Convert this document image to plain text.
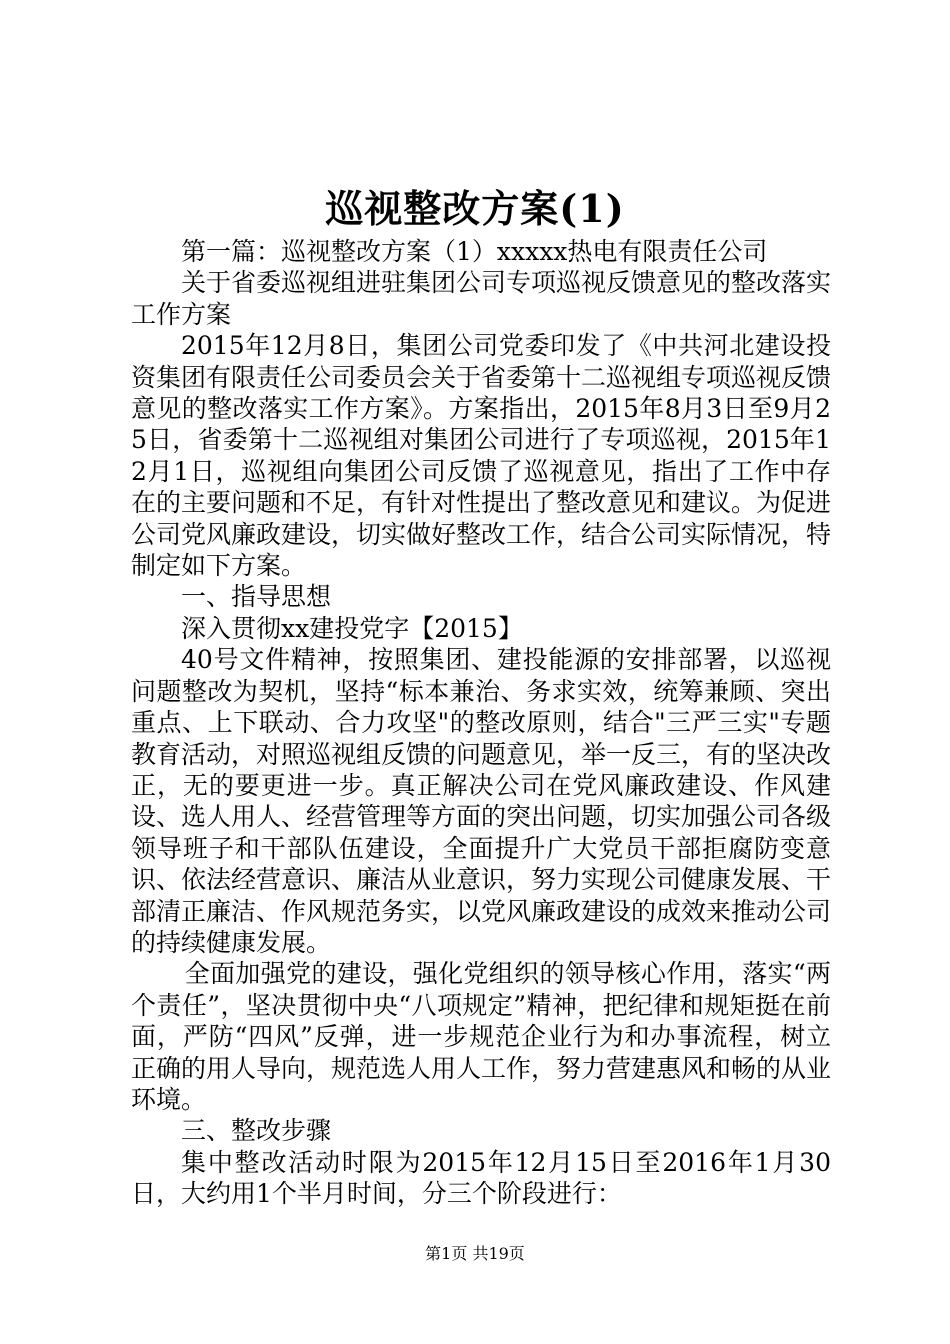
巡视整改方案(1)

第一篇：巡视整改方案（1）xxxxx热电有限责任公司

关于省委巡视组进驻集团公司专项巡视反馈意见的整改落实工作方案

2015年12月8日，集团公司党委印发了《中共河北建设投资集团有限责任公司委员会关于省委第十二巡视组专项巡视反馈意见的整改落实工作方案》。方案指出，2015年8月3日至9月25日，省委第十二巡视组对集团公司进行了专项巡视，2015年12月1日，巡视组向集团公司反馈了巡视意见，指出了工作中存在的主要问题和不足，有针对性提出了整改意见和建议。为促进公司党风廉政建设，切实做好整改工作，结合公司实际情况，特制定如下方案。

一、指导思想

深入贯彻xx建投党字【2015】

40号文件精神，按照集团、建投能源的安排部署，以巡视问题整改为契机，坚持“标本兼治、务求实效，统筹兼顾、突出重点、上下联动、合力攻坚"的整改原则，结合"三严三实"专题教育活动，对照巡视组反馈的问题意见，举一反三，有的坚决改正，无的要更进一步。真正解决公司在党风廉政建设、作风建设、选人用人、经营管理等方面的突出问题，切实加强公司各级领导班子和干部队伍建设，全面提升广大党员干部拒腐防变意识、依法经营意识、廉洁从业意识，努力实现公司健康发展、干部清正廉洁、作风规范务实，以党风廉政建设的成效来推动公司的持续健康发展。

全面加强党的建设，强化党组织的领导核心作用，落实“两个责任”，坚决贯彻中央“八项规定”精神，把纪律和规矩挺在前面，严防“四风”反弹，进一步规范企业行为和办事流程，树立正确的用人导向，规范选人用人工作，努力营建惠风和畅的从业环境。

三、整改步骤

集中整改活动时限为2015年12月15日至2016年1月30日，大约用1个半月时间，分三个阶段进行：

第1页 共19页
